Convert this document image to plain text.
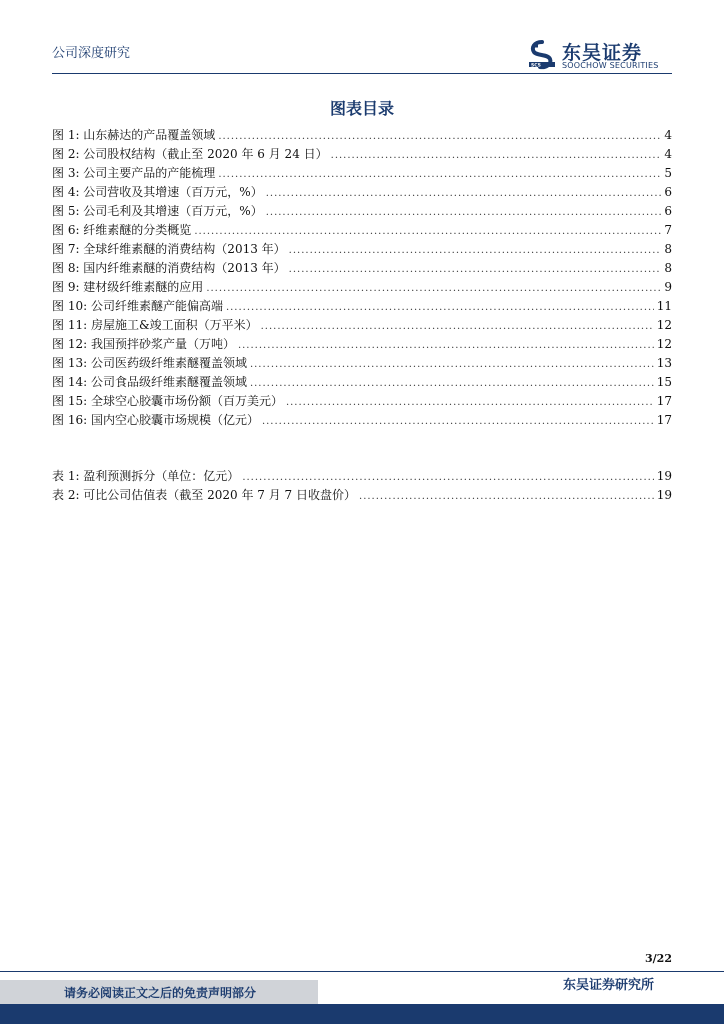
公司深度研究
SCS
东吴证券
SOOCHOW SECURITIES
图表目录
图 1: 山东赫达的产品覆盖领域 .....	4
图 2: 公司股权结构（截止至 2020 年 6 月 24 日） .....	4
图 3: 公司主要产品的产能梳理 .....	5
图 4: 公司营收及其增速（百万元，%） .....	6
图 5: 公司毛利及其增速（百万元，%） .....	6
图 6: 纤维素醚的分类概览 .....	7
图 7: 全球纤维素醚的消费结构（2013 年） .....	8
图 8: 国内纤维素醚的消费结构（2013 年） .....	8
图 9: 建材级纤维素醚的应用 .....	9
图 10: 公司纤维素醚产能偏高端 .....	11
图 11: 房屋施工&竣工面积（万平米） .....	12
图 12: 我国预拌砂浆产量（万吨） .....	12
图 13: 公司医药级纤维素醚覆盖领域 .....	13
图 14: 公司食品级纤维素醚覆盖领域 .....	15
图 15: 全球空心胶囊市场份额（百万美元） .....	17
图 16: 国内空心胶囊市场规模（亿元） .....	17
表 1: 盈利预测拆分（单位：亿元） .....	19
表 2: 可比公司估值表（截至 2020 年 7 月 7 日收盘价） .....	19
3/22
请务必阅读正文之后的免责声明部分	东吴证券研究所
